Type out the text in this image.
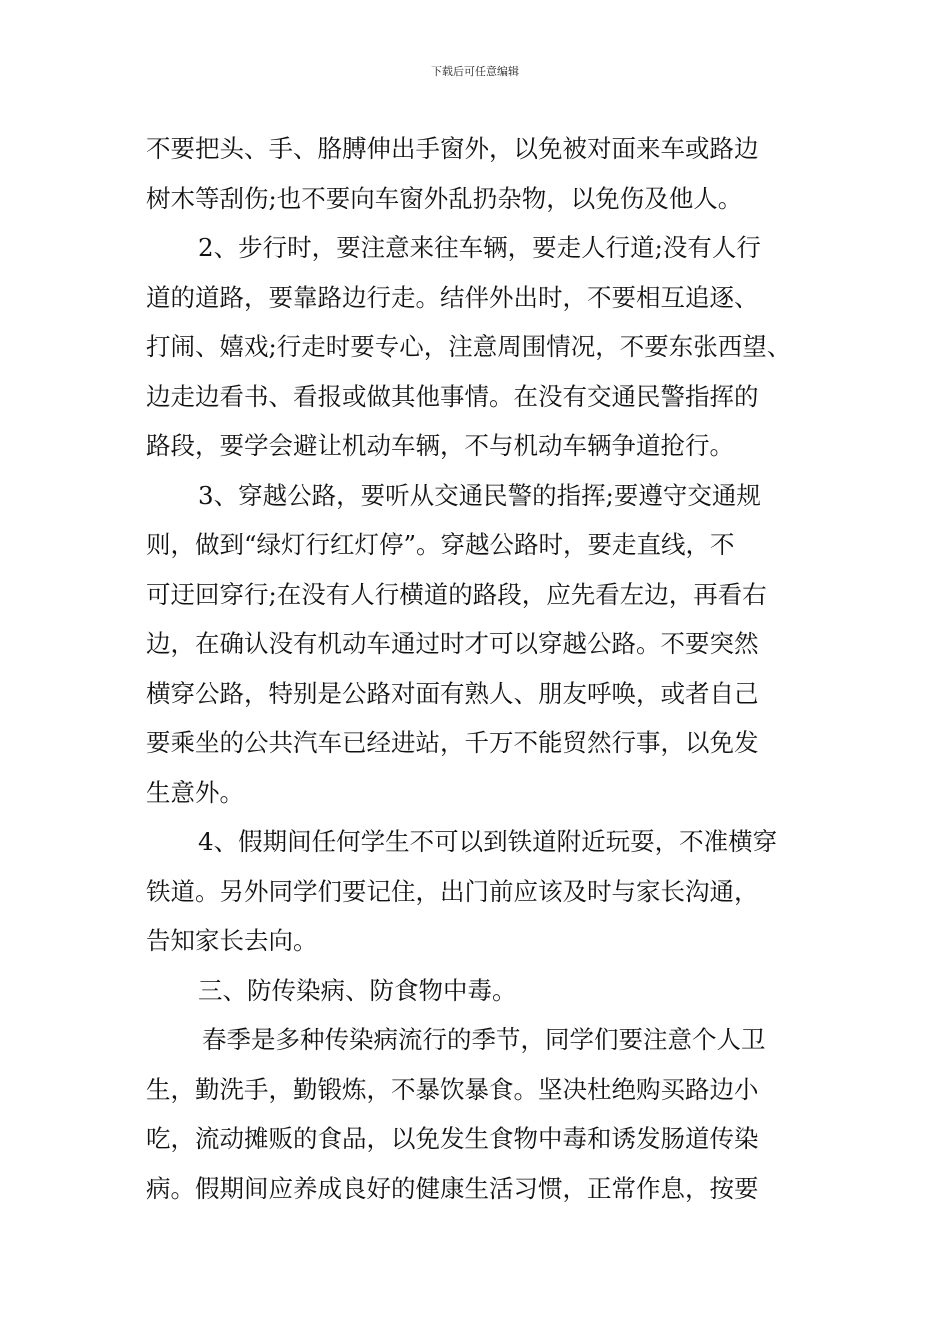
下载后可任意编辑
不要把头、手、胳膊伸出手窗外，以免被对面来车或路边
树木等刮伤;也不要向车窗外乱扔杂物，以免伤及他人。
2、步行时，要注意来往车辆，要走人行道;没有人行
道的道路，要靠路边行走。结伴外出时，不要相互追逐、
打闹、嬉戏;行走时要专心，注意周围情况，不要东张西望、
边走边看书、看报或做其他事情。在没有交通民警指挥的
路段，要学会避让机动车辆，不与机动车辆争道抢行。
3、穿越公路，要听从交通民警的指挥;要遵守交通规
则，做到“绿灯行红灯停”。穿越公路时，要走直线，不
可迂回穿行;在没有人行横道的路段，应先看左边，再看右
边，在确认没有机动车通过时才可以穿越公路。不要突然
横穿公路，特别是公路对面有熟人、朋友呼唤，或者自己
要乘坐的公共汽车已经进站，千万不能贸然行事，以免发
生意外。
4、假期间任何学生不可以到铁道附近玩耍，不准横穿
铁道。另外同学们要记住，出门前应该及时与家长沟通，
告知家长去向。
三、防传染病、防食物中毒。
春季是多种传染病流行的季节，同学们要注意个人卫
生，勤洗手，勤锻炼，不暴饮暴食。坚决杜绝购买路边小
吃，流动摊贩的食品，以免发生食物中毒和诱发肠道传染
病。假期间应养成良好的健康生活习惯，正常作息，按要
